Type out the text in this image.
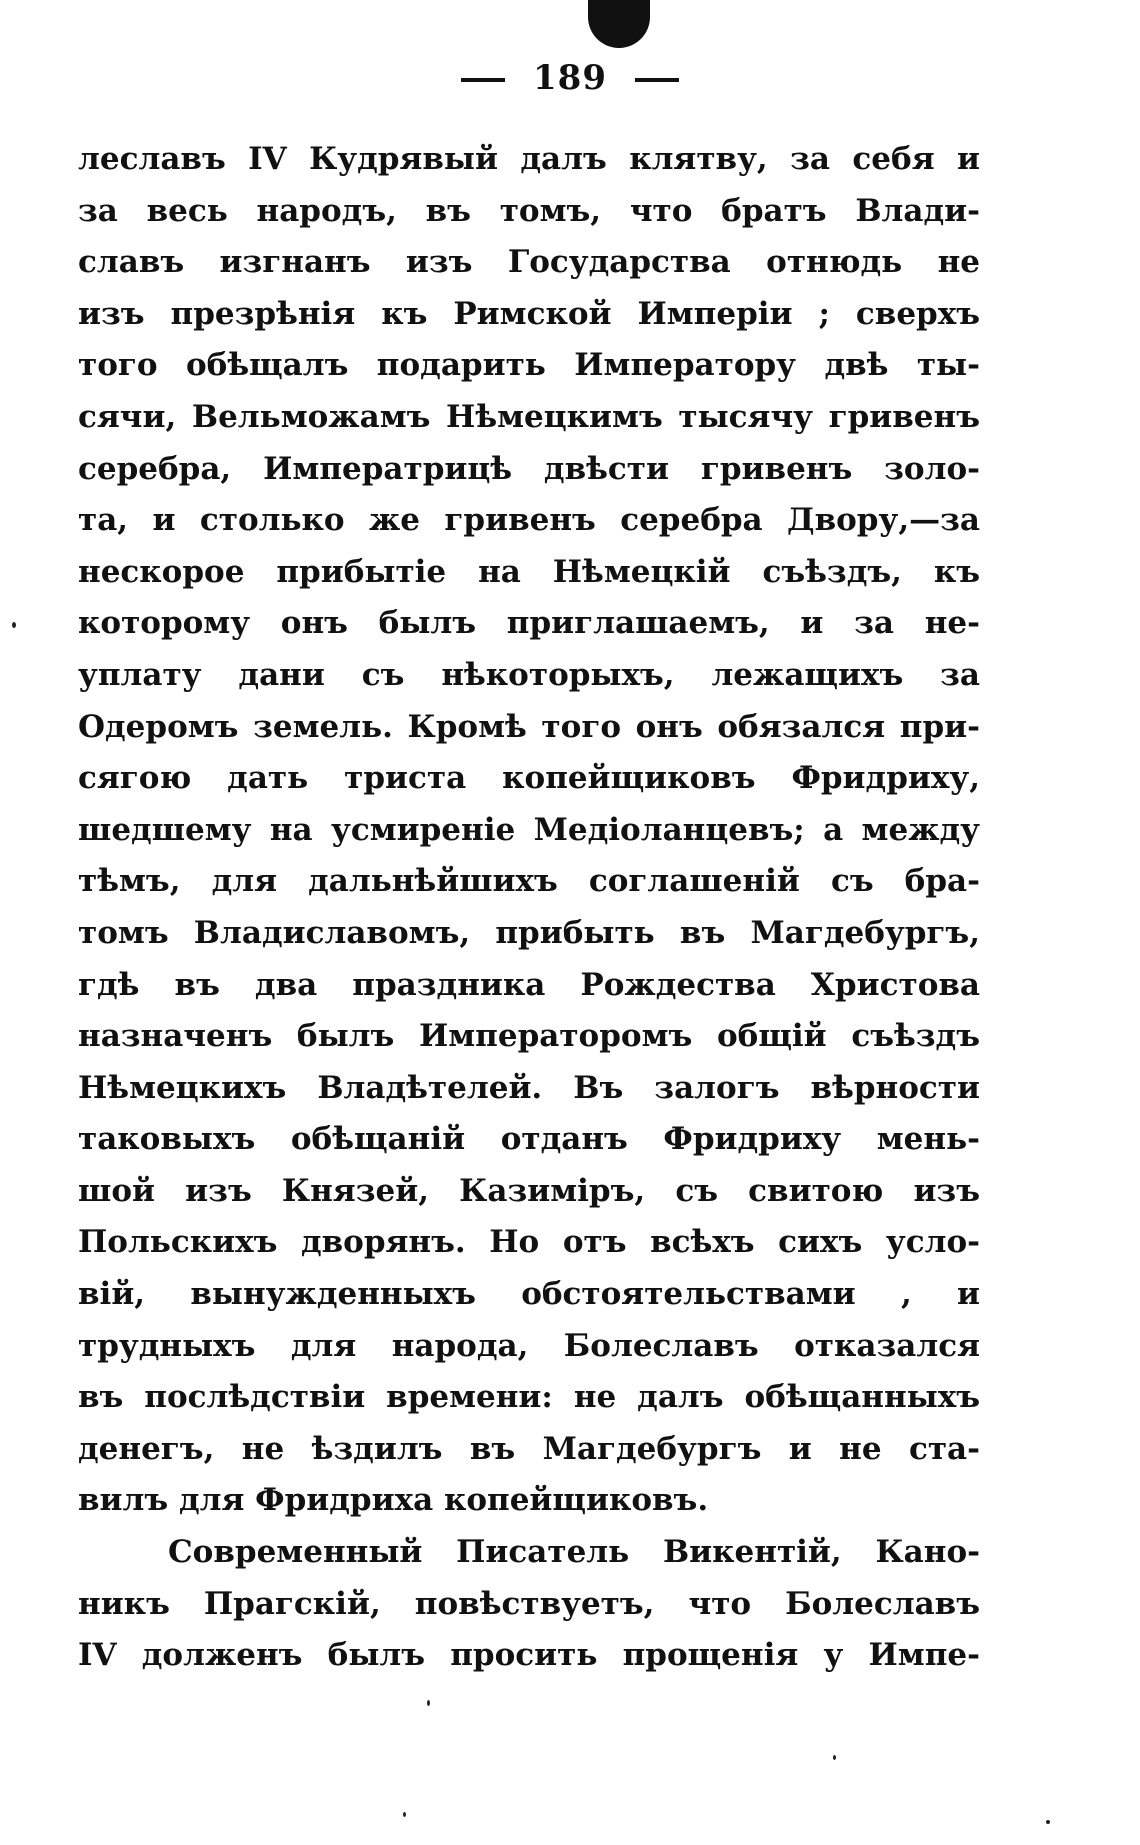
189
леславъ IV Кудрявый далъ клятву, за себя и
за весь народъ, въ томъ, что братъ Влади-
славъ изгнанъ изъ Государства отнюдь не
изъ презрѣнія къ Римской Имперіи ; сверхъ
того обѣщалъ подарить Императору двѣ ты-
сячи, Вельможамъ Нѣмецкимъ тысячу гривенъ
серебра, Императрицѣ двѣсти гривенъ золо-
та, и столько же гривенъ серебра Двору,—за
нескорое прибытіе на Нѣмецкій съѣздъ, къ
которому онъ былъ приглашаемъ, и за не-
уплату дани съ нѣкоторыхъ, лежащихъ за
Одеромъ земель. Кромѣ того онъ обязался при-
сягою дать триста копейщиковъ Фридриху,
шедшему на усмиреніе Медіоланцевъ; а между
тѣмъ, для дальнѣйшихъ соглашеній съ бра-
томъ Владиславомъ, прибыть въ Магдебургъ,
гдѣ въ два праздника Рождества Христова
назначенъ былъ Императоромъ общій съѣздъ
Нѣмецкихъ Владѣтелей. Въ залогъ вѣрности
таковыхъ обѣщаній отданъ Фридриху мень-
шой изъ Князей, Казиміръ, съ свитою изъ
Польскихъ дворянъ. Но отъ всѣхъ сихъ усло-
вій, вынужденныхъ обстоятельствами , и
трудныхъ для народа, Болеславъ отказался
въ послѣдствіи времени: не далъ обѣщанныхъ
денегъ, не ѣздилъ въ Магдебургъ и не ста-
вилъ для Фридриха копейщиковъ.
Современный Писатель Викентій, Кано-
никъ Прагскій, повѣствуетъ, что Болеславъ
IV долженъ былъ просить прощенія у Импе-
